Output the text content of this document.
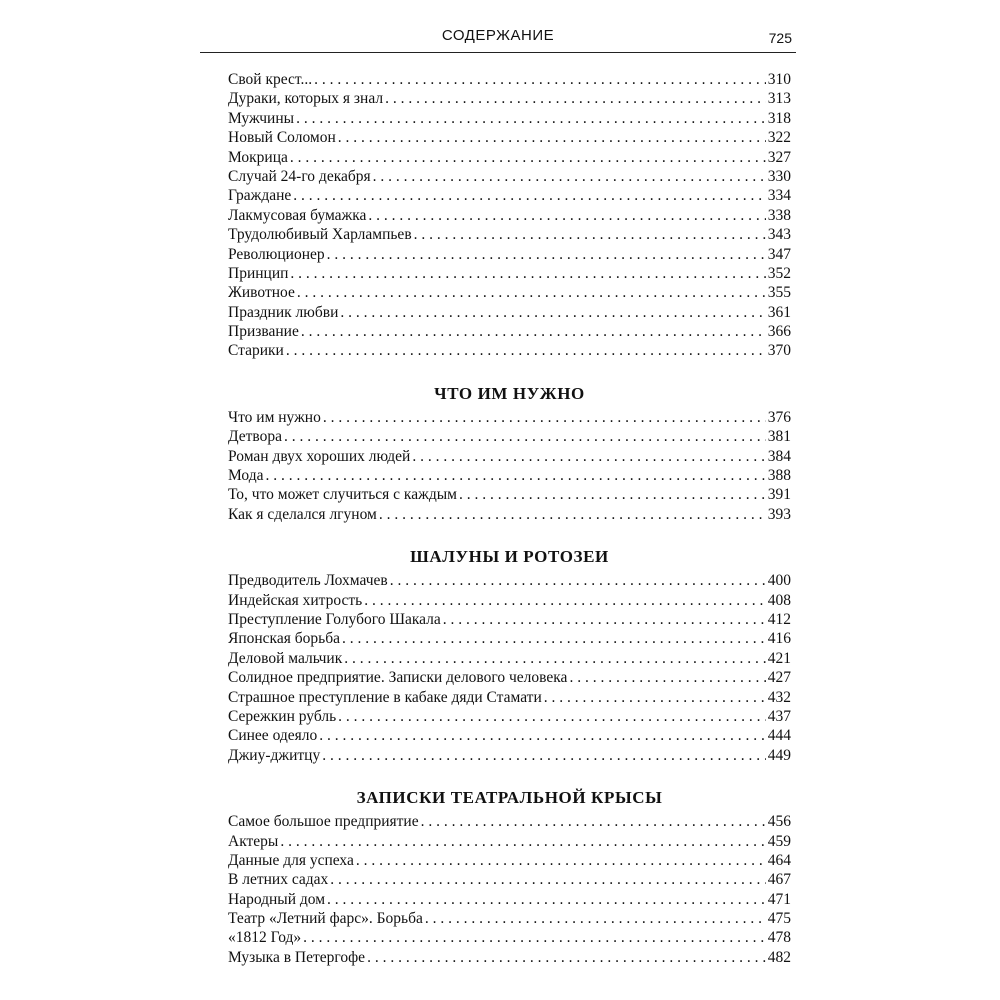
СОДЕРЖАНИЕ	725
Свой крест... . . .	310
Дураки, которых я знал . . .	313
Мужчины . . .	318
Новый Соломон . . .	322
Мокрица . . .	327
Случай 24-го декабря . . .	330
Граждане . . .	334
Лакмусовая бумажка . . .	338
Трудолюбивый Харлампьев . . .	343
Революционер . . .	347
Принцип . . .	352
Животное . . .	355
Праздник любви . . .	361
Призвание . . .	366
Старики . . .	370
ЧТО ИМ НУЖНО
Что им нужно . . .	376
Детвора . . .	381
Роман двух хороших людей . . .	384
Мода . . .	388
То, что может случиться с каждым . . .	391
Как я сделался лгуном . . .	393
ШАЛУНЫ И РОТОЗЕИ
Предводитель Лохмачев . . .	400
Индейская хитрость . . .	408
Преступление Голубого Шакала . . .	412
Японская борьба . . .	416
Деловой мальчик . . .	421
Солидное предприятие. Записки делового человека . . .	427
Страшное преступление в кабаке дяди Стамати . . .	432
Сережкин рубль . . .	437
Синее одеяло . . .	444
Джиу-джитцу . . .	449
ЗАПИСКИ ТЕАТРАЛЬНОЙ КРЫСЫ
Самое большое предприятие . . .	456
Актеры . . .	459
Данные для успеха . . .	464
В летних садах . . .	467
Народный дом . . .	471
Театр «Летний фарс». Борьба . . .	475
«1812 Год» . . .	478
Музыка в Петергофе . . .	482
